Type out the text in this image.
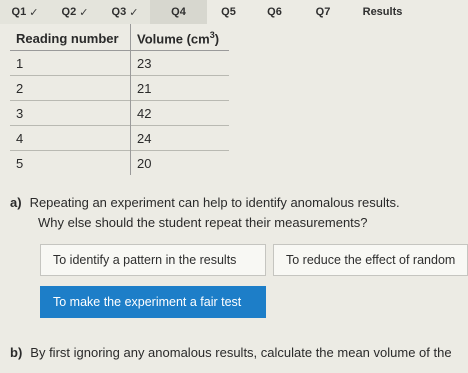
Q1 ✓ Q2 ✓ Q3 ✓	Q4	Q5	Q6	Q7	Results
Reading number	Volume $(cm^3)$
1	23
2	21
3	42
4	24
5	20
a) Repeating an experiment can help to identify anomalous results.
Why else should the student repeat their measurements?
To identify a pattern in the results	To reduce the effect of random
To make the experiment a fair test
b) By first ignoring any anomalous results, calculate the mean volume of the
